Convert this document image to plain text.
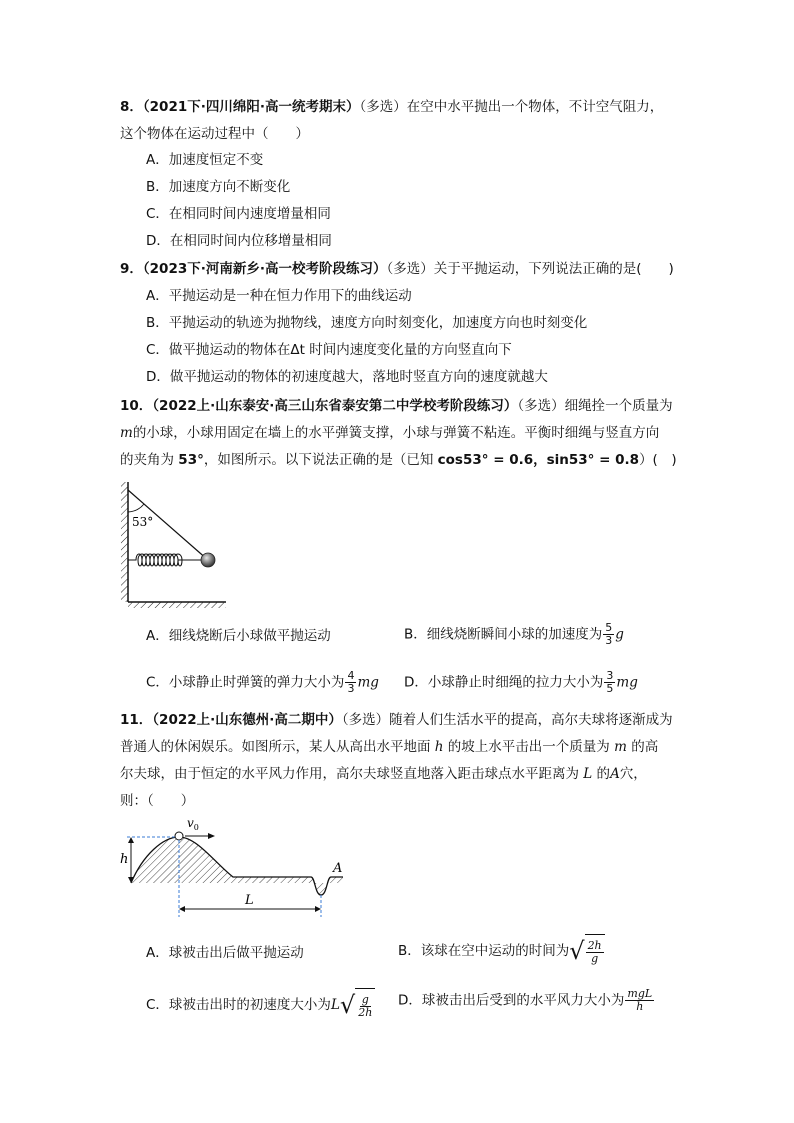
8．（2021下·四川绵阳·高一统考期末）（多选）在空中水平抛出一个物体，不计空气阻力，
这个物体在运动过程中（　　）
A．加速度恒定不变
B．加速度方向不断变化
C．在相同时间内速度增量相同
D．在相同时间内位移增量相同
9．（2023下·河南新乡·高一校考阶段练习）（多选）关于平抛运动，下列说法正确的是(　　)
A．平抛运动是一种在恒力作用下的曲线运动
B．平抛运动的轨迹为抛物线，速度方向时刻变化，加速度方向也时刻变化
C．做平抛运动的物体在Δt 时间内速度变化量的方向竖直向下
D．做平抛运动的物体的初速度越大，落地时竖直方向的速度就越大
10．（2022上·山东泰安·高三山东省泰安第二中学校考阶段练习）（多选）细绳拴一个质量为
m的小球，小球用固定在墙上的水平弹簧支撑，小球与弹簧不粘连。平衡时细绳与竖直方向
的夹角为 53°，如图所示。以下说法正确的是（已知 cos53° = 0.6，sin53° = 0.8）(　)
53°
A．细线烧断后小球做平抛运动	B．细线烧断瞬间小球的加速度为 $\frac{5}{3}$ g
C．小球静止时弹簧的弹力大小为 $\frac{4}{3}$ mg D．小球静止时细绳的拉力大小为 $\frac{3}{5}$ mg
11．（2022上·山东德州·高二期中）（多选）随着人们生活水平的提高，高尔夫球将逐渐成为
普通人的休闲娱乐。如图所示，某人从高出水平地面 h 的坡上水平击出一个质量为 m 的高
尔夫球，由于恒定的水平风力作用，高尔夫球竖直地落入距击球点水平距离为 L 的A穴，
则：（　　）
h
$v_0$
L
A
A．球被击出后做平抛运动	B．该球在空中运动的时间为 √ $\frac{2h}{g}$
C．球被击出时的初速度大小为L √ $\frac{g}{2h}$ D．球被击出后受到的水平风力大小为 $\frac{\text{mgL}}{h}$
